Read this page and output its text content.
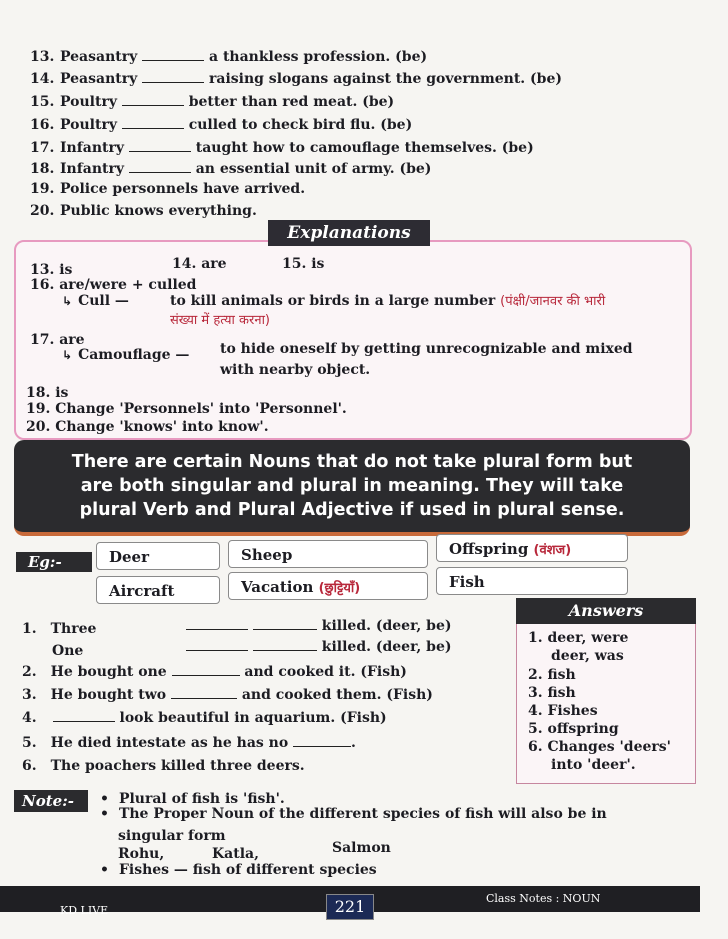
13. Peasantry	a thankless profession. (be)
14. Peasantry	raising slogans against the government. (be)
15. Poultry	better than red meat. (be)
16. Poultry	culled to check bird flu. (be)
17. Infantry	taught how to camouflage themselves. (be)
18. Infantry	an essential unit of army. (be)
19. Police personnels have arrived.
20. Public knows everything.
Explanations
13. is	14. are	15. is
16. are/were + culled
↳ Cull —	to kill animals or birds in a large number (पंक्षी/जानवर की भारी
संख्या में हत्या करना)
17. are
↳ Camouflage — to hide oneself by getting unrecognizable and mixed
with nearby object.
18. is
19. Change 'Personnels' into 'Personnel'.
20. Change 'knows' into know'.
There are certain Nouns that do not take plural form but
are both singular and plural in meaning. They will take
plural Verb and Plural Adjective if used in plural sense.
Eg:-	Deer	Sheep	Offspring (वंशज)
Aircraft	Vacation (छुट्टियाँ)	Fish
1. Three	killed. (deer, be)
One	killed. (deer, be)
2. He bought one	and cooked it. (Fish)
3. He bought two	and cooked them. (Fish)
4.	look beautiful in aquarium. (Fish)
5. He died intestate as he has no	.
6. The poachers killed three deers.
Answers
1. deer, were
deer, was
2. fish
3. fish
4. Fishes
5. offspring
6. Changes 'deers'
into 'deer'.
Note:-	• Plural of fish is 'fish'.
• The Proper Noun of the different species of fish will also be in
singular form
Rohu,	Katla,	Salmon
• Fishes — fish of different species
KD LIVE	221	Class Notes : NOUN
